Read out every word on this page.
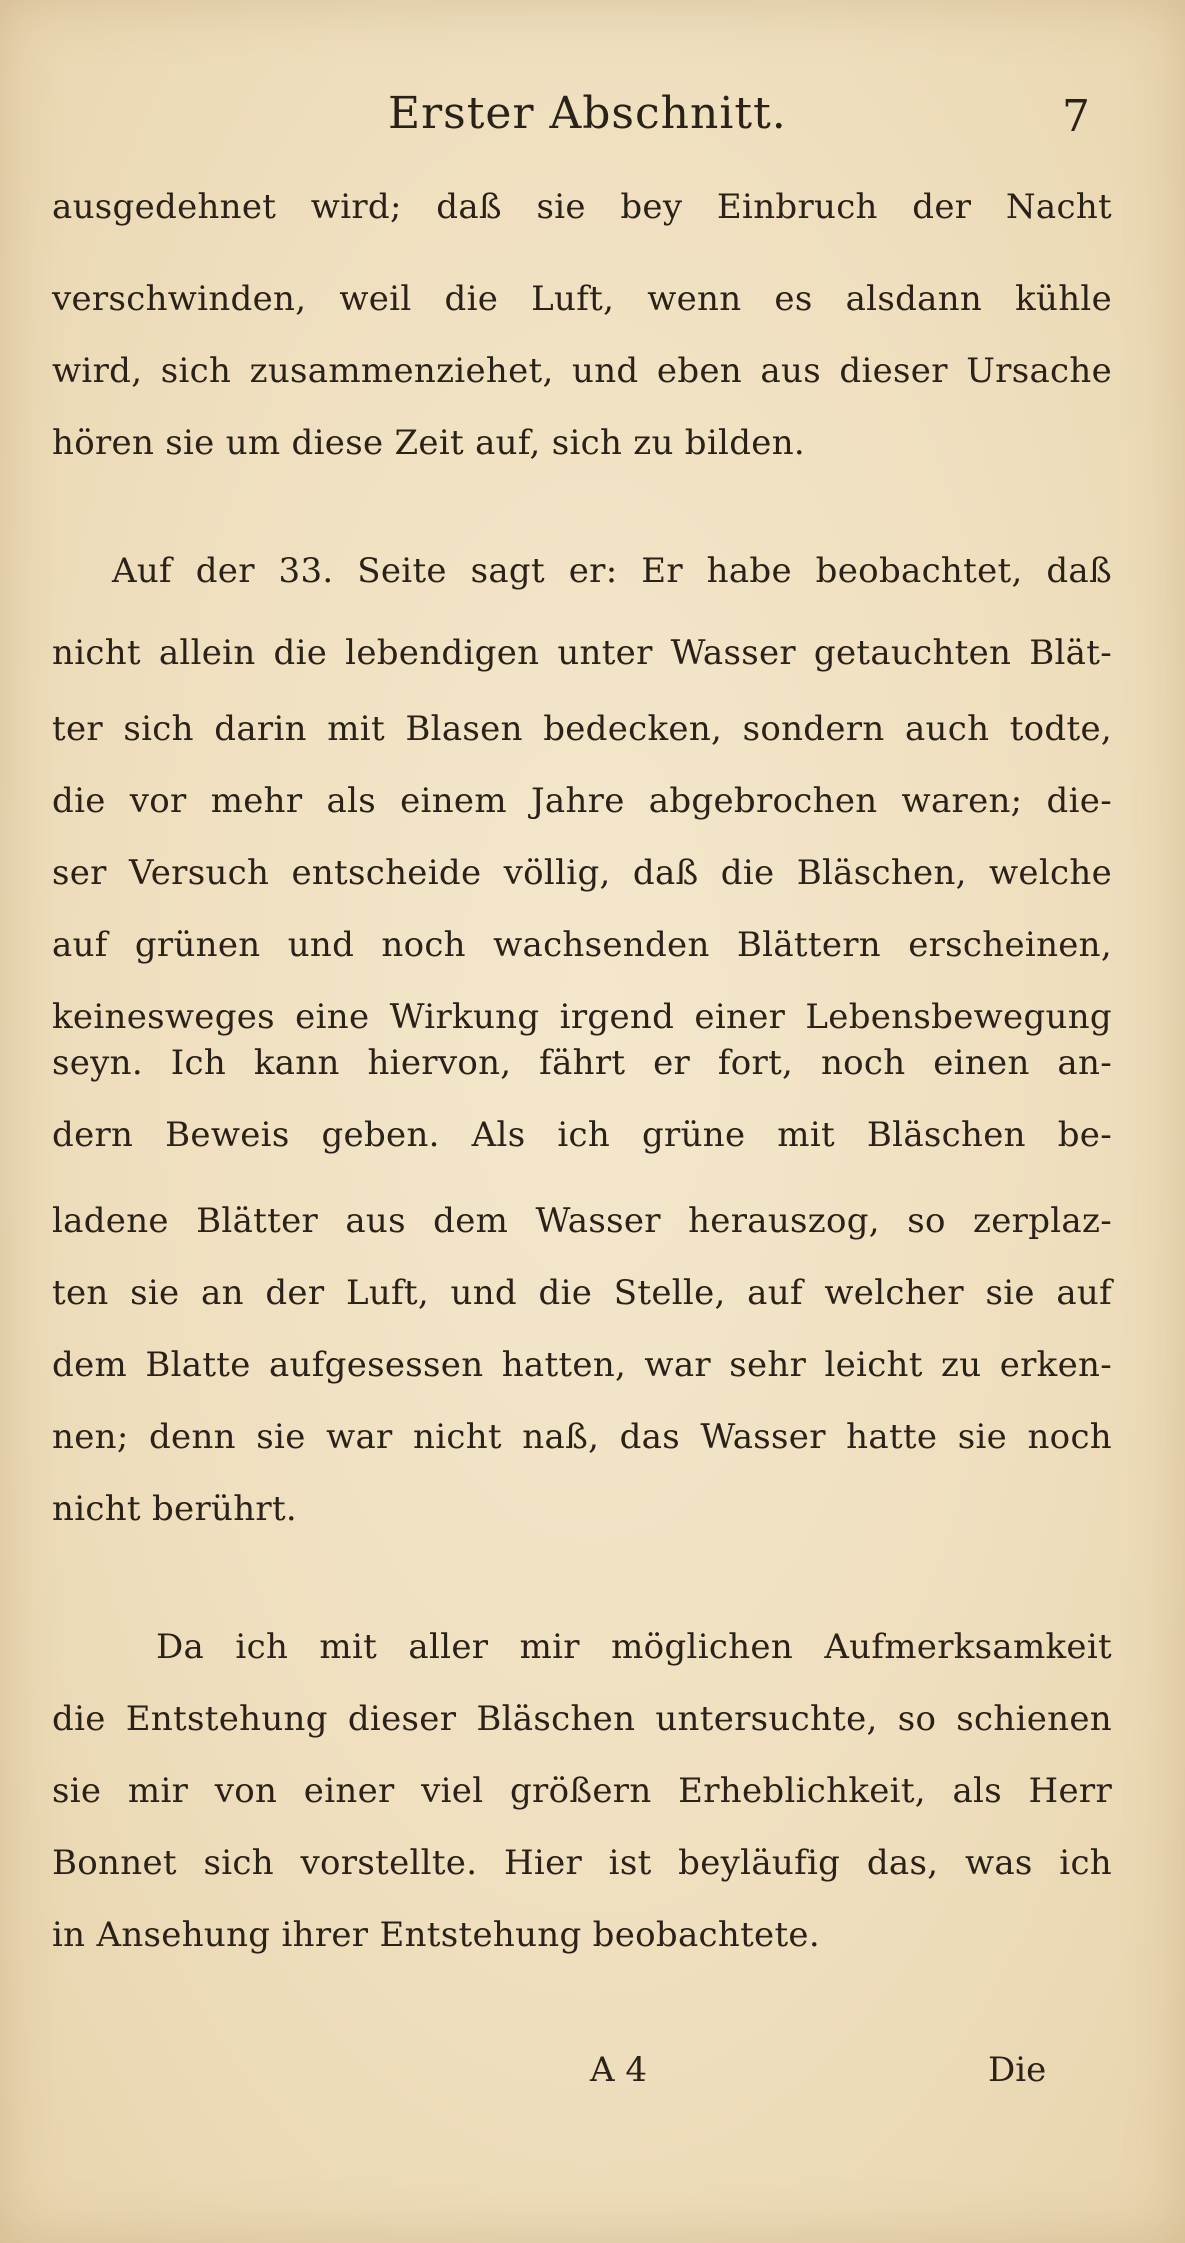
Erster Abschnitt.	7
ausgedehnet wird; daß sie bey Einbruch der Nacht
verschwinden, weil die Luft, wenn es alsdann kühle
wird, sich zusammenziehet, und eben aus dieser Ursache
hören sie um diese Zeit auf, sich zu bilden.
Auf der 33. Seite sagt er: Er habe beobachtet, daß
nicht allein die lebendigen unter Wasser getauchten Blät-
ter sich darin mit Blasen bedecken, sondern auch todte,
die vor mehr als einem Jahre abgebrochen waren; die-
ser Versuch entscheide völlig, daß die Bläschen, welche
auf grünen und noch wachsenden Blättern erscheinen,
keinesweges eine Wirkung irgend einer Lebensbewegung
seyn. Ich kann hiervon, fährt er fort, noch einen an-
dern Beweis geben. Als ich grüne mit Bläschen be-
ladene Blätter aus dem Wasser herauszog, so zerplaz-
ten sie an der Luft, und die Stelle, auf welcher sie auf
dem Blatte aufgesessen hatten, war sehr leicht zu erken-
nen; denn sie war nicht naß, das Wasser hatte sie noch
nicht berührt.
Da ich mit aller mir möglichen Aufmerksamkeit
die Entstehung dieser Bläschen untersuchte, so schienen
sie mir von einer viel größern Erheblichkeit, als Herr
Bonnet sich vorstellte. Hier ist beyläufig das, was ich
in Ansehung ihrer Entstehung beobachtete.
A 4	Die
